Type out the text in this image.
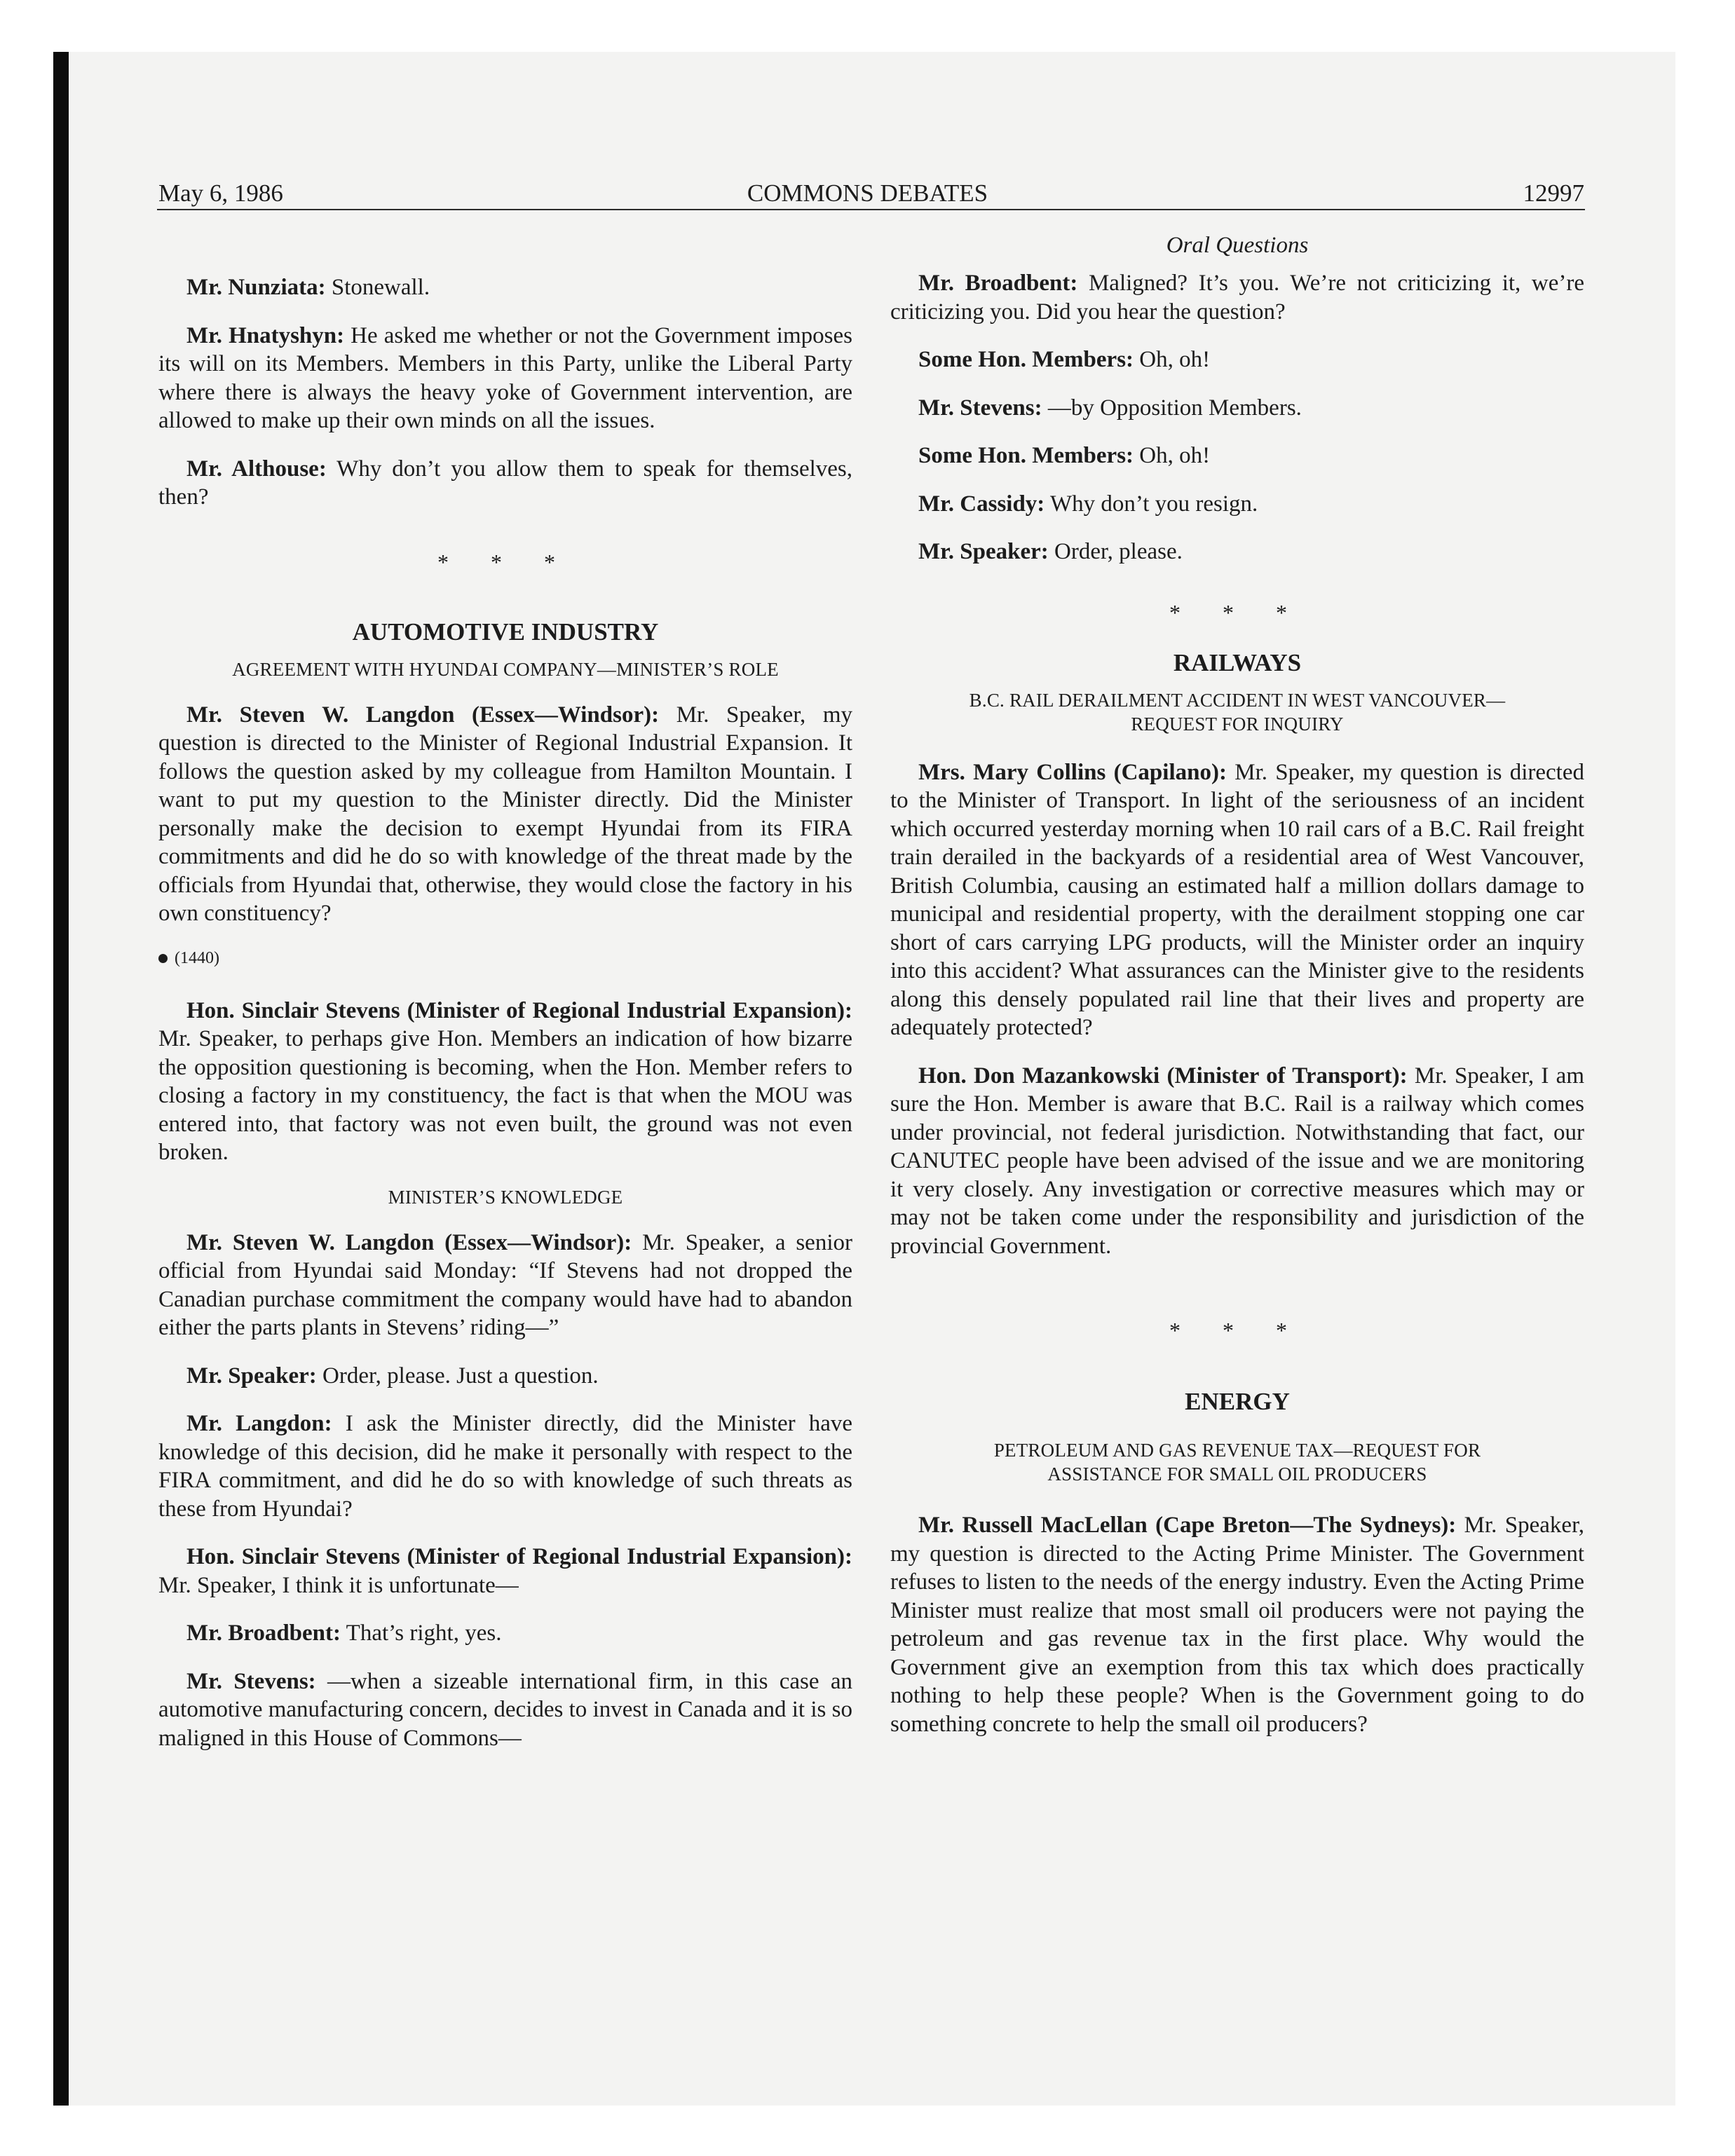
May 6, 1986	COMMONS DEBATES	12997

Mr. Nunziata: Stonewall.

Mr. Hnatyshyn: He asked me whether or not the Government imposes its will on its Members. Members in this Party, unlike the Liberal Party where there is always the heavy yoke of Government intervention, are allowed to make up their own minds on all the issues.

Mr. Althouse: Why don’t you allow them to speak for themselves, then?

* * *
AUTOMOTIVE INDUSTRY
AGREEMENT WITH HYUNDAI COMPANY—MINISTER’S ROLE

Mr. Steven W. Langdon (Essex—Windsor): Mr. Speaker, my question is directed to the Minister of Regional Industrial Expansion. It follows the question asked by my colleague from Hamilton Mountain. I want to put my question to the Minister directly. Did the Minister personally make the decision to exempt Hyundai from its FIRA commitments and did he do so with knowledge of the threat made by the officials from Hyundai that, otherwise, they would close the factory in his own constituency?

(1440)

Hon. Sinclair Stevens (Minister of Regional Industrial Expansion): Mr. Speaker, to perhaps give Hon. Members an indication of how bizarre the opposition questioning is becoming, when the Hon. Member refers to closing a factory in my constituency, the fact is that when the MOU was entered into, that factory was not even built, the ground was not even broken.

MINISTER’S KNOWLEDGE

Mr. Steven W. Langdon (Essex—Windsor): Mr. Speaker, a senior official from Hyundai said Monday: “If Stevens had not dropped the Canadian purchase commitment the company would have had to abandon either the parts plants in Stevens’ riding—”

Mr. Speaker: Order, please. Just a question.

Mr. Langdon: I ask the Minister directly, did the Minister have knowledge of this decision, did he make it personally with respect to the FIRA commitment, and did he do so with knowledge of such threats as these from Hyundai?

Hon. Sinclair Stevens (Minister of Regional Industrial Expansion): Mr. Speaker, I think it is unfortunate—

Mr. Broadbent: That’s right, yes.

Mr. Stevens: —when a sizeable international firm, in this case an automotive manufacturing concern, decides to invest in Canada and it is so maligned in this House of Commons—

Oral Questions

Mr. Broadbent: Maligned? It’s you. We’re not criticizing it, we’re criticizing you. Did you hear the question?

Some Hon. Members: Oh, oh!

Mr. Stevens: —by Opposition Members.

Some Hon. Members: Oh, oh!

Mr. Cassidy: Why don’t you resign.

Mr. Speaker: Order, please.

* * *
RAILWAYS
B.C. RAIL DERAILMENT ACCIDENT IN WEST VANCOUVER—
REQUEST FOR INQUIRY

Mrs. Mary Collins (Capilano): Mr. Speaker, my question is directed to the Minister of Transport. In light of the seriousness of an incident which occurred yesterday morning when 10 rail cars of a B.C. Rail freight train derailed in the backyards of a residential area of West Vancouver, British Columbia, causing an estimated half a million dollars damage to municipal and residential property, with the derailment stopping one car short of cars carrying LPG products, will the Minister order an inquiry into this accident? What assurances can the Minister give to the residents along this densely populated rail line that their lives and property are adequately protected?

Hon. Don Mazankowski (Minister of Transport): Mr. Speaker, I am sure the Hon. Member is aware that B.C. Rail is a railway which comes under provincial, not federal jurisdiction. Notwithstanding that fact, our CANUTEC people have been advised of the issue and we are monitoring it very closely. Any investigation or corrective measures which may or may not be taken come under the responsibility and jurisdiction of the provincial Government.

* * *
ENERGY
PETROLEUM AND GAS REVENUE TAX—REQUEST FOR
ASSISTANCE FOR SMALL OIL PRODUCERS

Mr. Russell MacLellan (Cape Breton—The Sydneys): Mr. Speaker, my question is directed to the Acting Prime Minister. The Government refuses to listen to the needs of the energy industry. Even the Acting Prime Minister must realize that most small oil producers were not paying the petroleum and gas revenue tax in the first place. Why would the Government give an exemption from this tax which does practically nothing to help these people? When is the Government going to do something concrete to help the small oil producers?
